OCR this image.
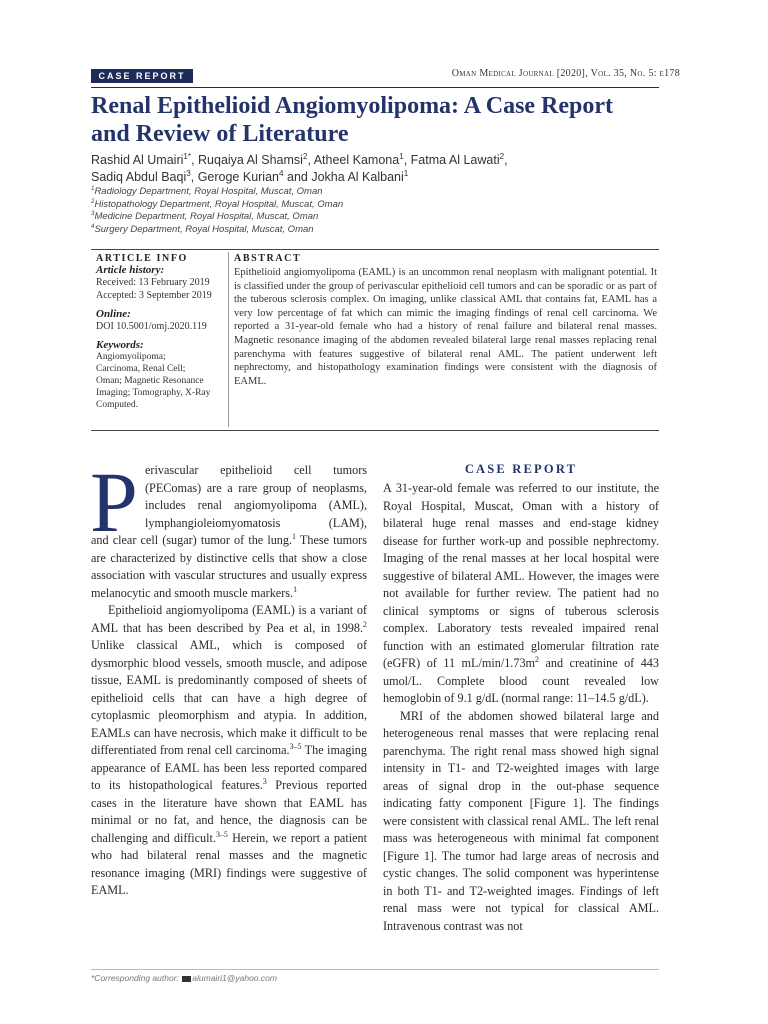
CASE REPORT	Oman Medical Journal [2020], Vol. 35, No. 5: e178
Renal Epithelioid Angiomyolipoma: A Case Report and Review of Literature
Rashid Al Umairi$^{1*}$, Ruqaiya Al Shamsi$^2$, Atheel Kamona$^1$, Fatma Al Lawati$^2$,
Sadiq Abdul Baqi$^3$, Geroge Kurian$^4$ and Jokha Al Kalbani$^1$
$^1$Radiology Department, Royal Hospital, Muscat, Oman
$^2$Histopathology Department, Royal Hospital, Muscat, Oman
$^3$Medicine Department, Royal Hospital, Muscat, Oman
$^4$Surgery Department, Royal Hospital, Muscat, Oman
ARTICLE INFO
Article history:
Received: 13 February 2019
Accepted: 3 September 2019
Online:
DOI 10.5001/omj.2020.119
Keywords:
Angiomyolipoma;
Carcinoma, Renal Cell;
Oman; Magnetic Resonance
Imaging; Tomography, X-Ray
Computed.
ABSTRACT
Epithelioid angiomyolipoma (EAML) is an uncommon renal neoplasm with malignant potential. It is classified under the group of perivascular epithelioid cell tumors and can be sporadic or as part of the tuberous sclerosis complex. On imaging, unlike classical AML that contains fat, EAML has a very low percentage of fat which can mimic the imaging findings of renal cell carcinoma. We reported a 31-year-old female who had a history of renal failure and bilateral renal masses. Magnetic resonance imaging of the abdomen revealed bilateral large renal masses replacing renal parenchyma with features suggestive of bilateral renal AML. The patient underwent left nephrectomy, and histopathology examination findings were consistent with the diagnosis of EAML.
P erivascular epithelioid cell tumors

(PEComas) are a rare group of neoplasms,

includes renal angiomyolipoma (AML),

lymphangioleiomyomatosis (LAM),

and clear cell (sugar) tumor of the lung.$^1$ These tumors are characterized by distinctive cells that show a close association with vascular structures and usually express melanocytic and smooth muscle markers.$^1$

Epithelioid angiomyolipoma (EAML) is a variant of AML that has been described by Pea et al, in 1998.$^2$ Unlike classical AML, which is composed of dysmorphic blood vessels, smooth muscle, and adipose tissue, EAML is predominantly composed of sheets of epithelioid cells that can have a high degree of cytoplasmic pleomorphism and atypia. In addition, EAMLs can have necrosis, which make it difficult to be differentiated from renal cell carcinoma.$^{3-5}$ The imaging appearance of EAML has been less reported compared to its histopathological features.$^3$ Previous reported cases in the literature have shown that EAML has minimal or no fat, and hence, the diagnosis can be challenging and difficult.$^{3-5}$ Herein, we report a patient who had bilateral renal masses and the magnetic resonance imaging (MRI) findings were suggestive of EAML.

CASE REPORT

A 31-year-old female was referred to our institute, the Royal Hospital, Muscat, Oman with a history of bilateral huge renal masses and end-stage kidney disease for further work-up and possible nephrectomy. Imaging of the renal masses at her local hospital were suggestive of bilateral AML. However, the images were not available for further review. The patient had no clinical symptoms or signs of tuberous sclerosis complex. Laboratory tests revealed impaired renal function with an estimated glomerular filtration rate (eGFR) of 11 $mL/\min/1.73m^2$ and creatinine of 443 umol/L. Complete blood count revealed low hemoglobin of 9.1 g/dL (normal range: 11–14.5 g/dL).

MRI of the abdomen showed bilateral large and heterogeneous renal masses that were replacing renal parenchyma. The right renal mass showed high signal intensity in T1- and T2-weighted images with large areas of signal drop in the out-phase sequence indicating fatty component [Figure 1]. The findings were consistent with classical renal AML. The left renal mass was heterogeneous with minimal fat component [Figure 1]. The tumor had large areas of necrosis and cystic changes. The solid component was hyperintense in both T1- and T2-weighted images. Findings of left renal mass were not typical for classical AML. Intravenous contrast was not

*Corresponding author: alumairi1@yahoo.com
